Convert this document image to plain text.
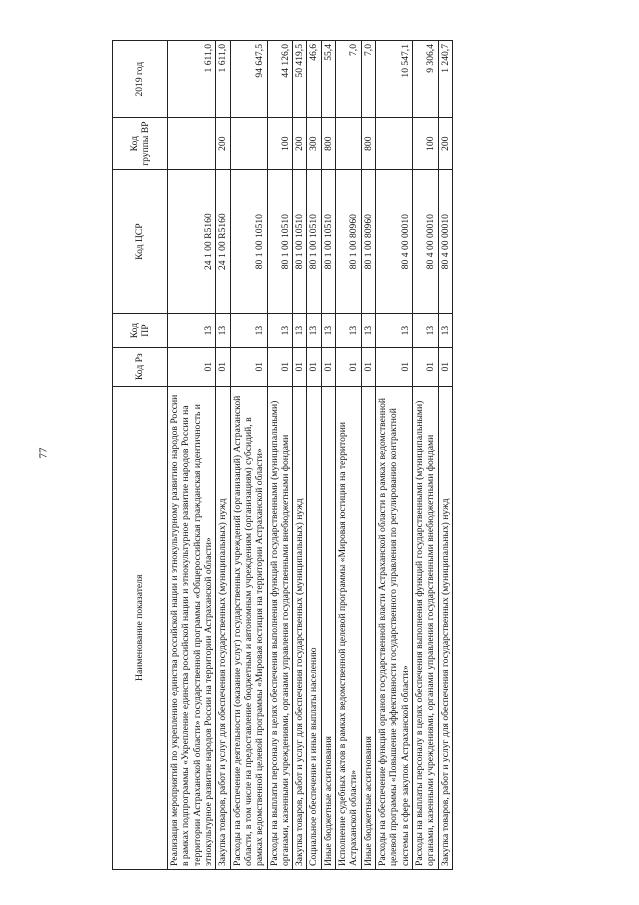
77
Наименование показателя	Код Рз	Код ПР	Код ЦСР	Код группы ВР	2019 год
Реализация мероприятий по укреплению единства российской нации и этнокультурному развитию народов России в рамках подпрограммы «Укрепление единства российской нации и этнокультурное развитие народов России на территории Астраханской области» государственной программы «Общероссийская гражданская идентичность и этнокультурное развитие народов России на территории Астраханской области»	01	13	24 1 00 R5160		1 611,0
Закупка товаров, работ и услуг для обеспечения государственных (муниципальных) нужд	01	13	24 1 00 R5160	200	1 611,0
Расходы на обеспечение деятельности (оказание услуг) государственных учреждений (организаций) Астраханской области, в том числе на предоставление бюджетным и автономным учреждениям (организациям) субсидий, в рамках ведомственной целевой программы «Мировая юстиция на территории Астраханской области»	01	13	80 1 00 10510		94 647,5
Расходы на выплаты персоналу в целях обеспечения выполнения функций государственными (муниципальными) органами, казенными учреждениями, органами управления государственными внебюджетными фондами	01	13	80 1 00 10510	100	44 126,0
Закупка товаров, работ и услуг для обеспечения государственных (муниципальных) нужд	01	13	80 1 00 10510	200	50 419,5
Социальное обеспечение и иные выплаты населению	01	13	80 1 00 10510	300	46,6
Иные бюджетные ассигнования	01	13	80 1 00 10510	800	55,4
Исполнение судебных актов в рамках ведомственной целевой программы «Мировая юстиция на территории Астраханской области»	01	13	80 1 00 80960		7,0
Иные бюджетные ассигнования	01	13	80 1 00 80960	800	7,0
Расходы на обеспечение функций органов государственной власти Астраханской области в рамках ведомственной целевой программы «Повышение эффективности государственного управления по регулированию контрактной системы в сфере закупок Астраханской области»	01	13	80 4 00 00010		10 547,1
Расходы на выплаты персоналу в целях обеспечения выполнения функций государственными (муниципальными) органами, казенными учреждениями, органами управления государственными внебюджетными фондами	01	13	80 4 00 00010	100	9 306,4
Закупка товаров, работ и услуг для обеспечения государственных (муниципальных) нужд	01	13	80 4 00 00010	200	1 240,7
